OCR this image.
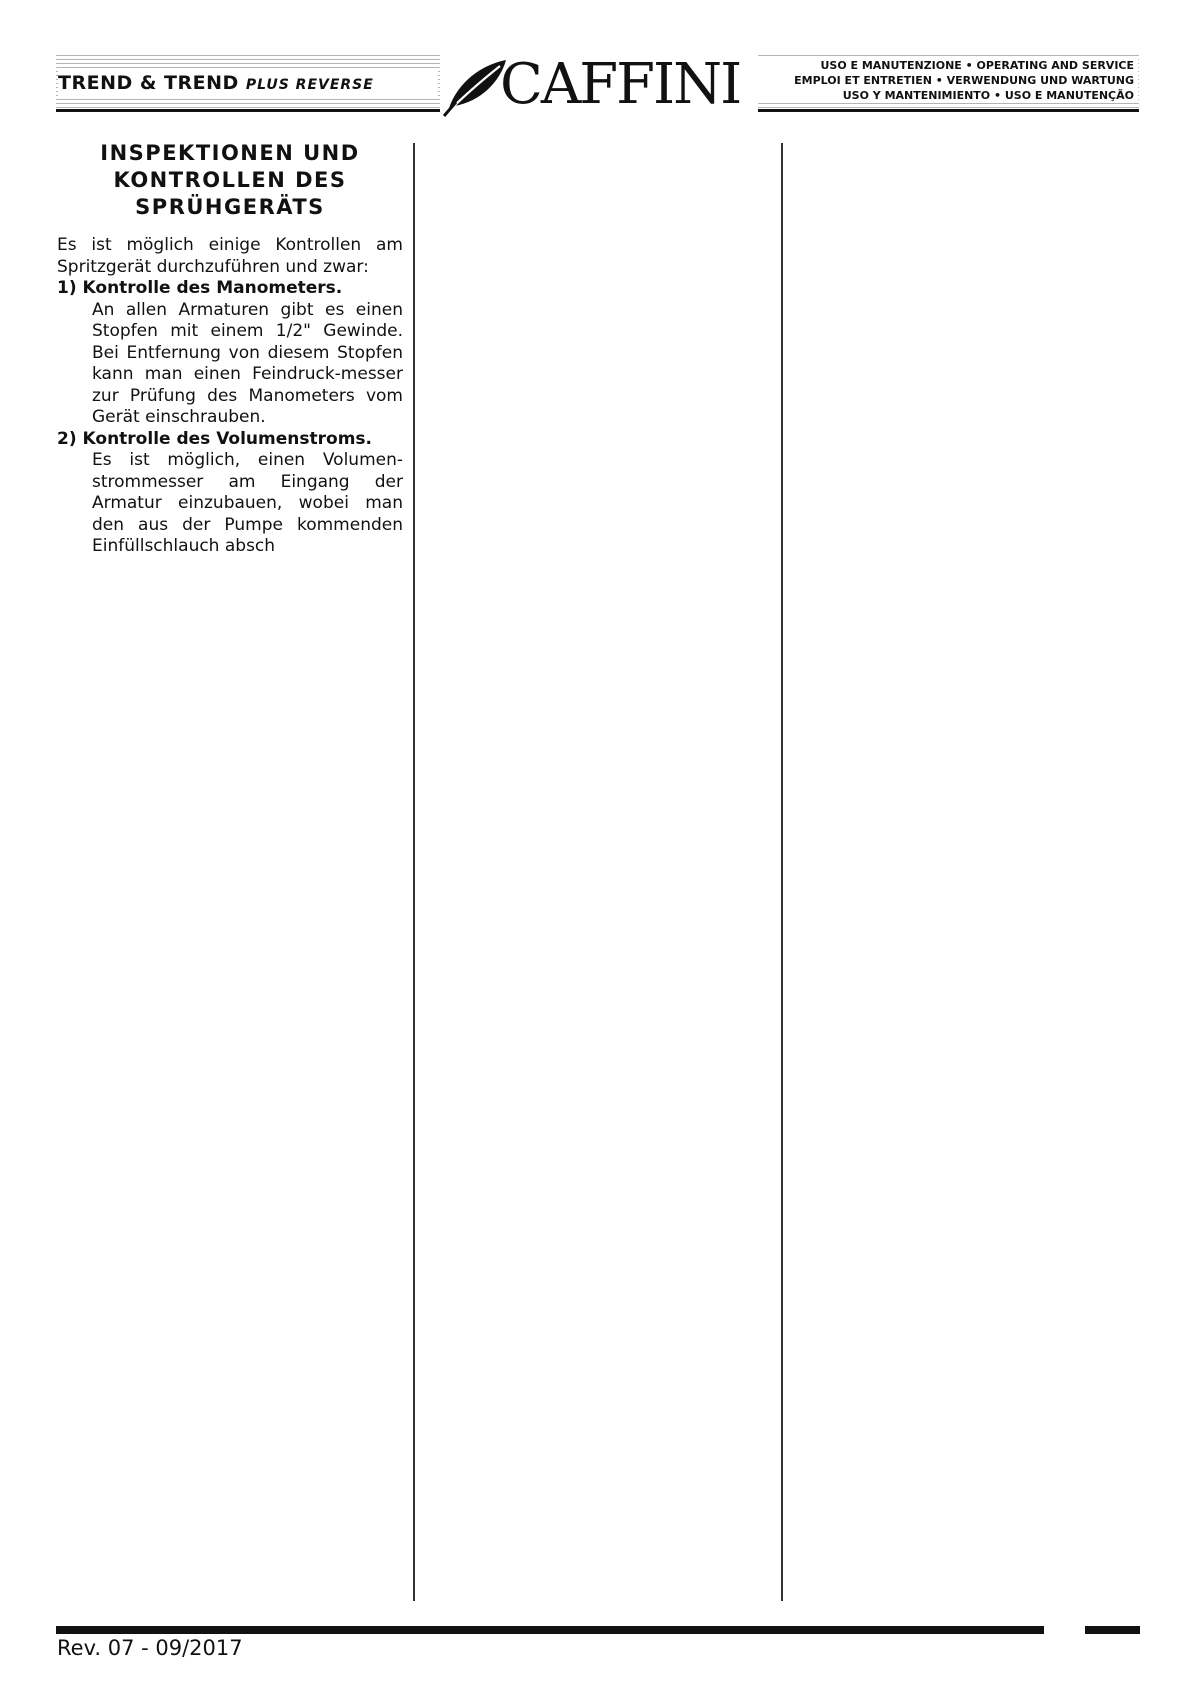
TREND & TREND PLUS REVERSE	CAFFINI	USO E MANUTENZIONE • OPERATING AND SERVICE
EMPLOI ET ENTRETIEN • VERWENDUNG UND WARTUNG
USO Y MANTENIMIENTO • USO E MANUTENÇÃO
INSPEKTIONEN UND
KONTROLLEN DES
SPRÜHGERÄTS

Es ist möglich einige Kontrollen am Spritzgerät durchzuführen und zwar:

1) Kontrolle des Manometers.

An allen Armaturen gibt es einen Stopfen mit einem 1/2" Gewinde. Bei Entfernung von diesem Stopfen kann man einen Feindruck-messer zur Prüfung des Manometers vom Gerät einschrauben.

2) Kontrolle des Volumenstroms.

Es ist möglich, einen Volumen-strommesser am Eingang der Armatur einzubauen, wobei man den aus der Pumpe kommenden Einfüllschlauch absch

Rev. 07 - 09/2017
